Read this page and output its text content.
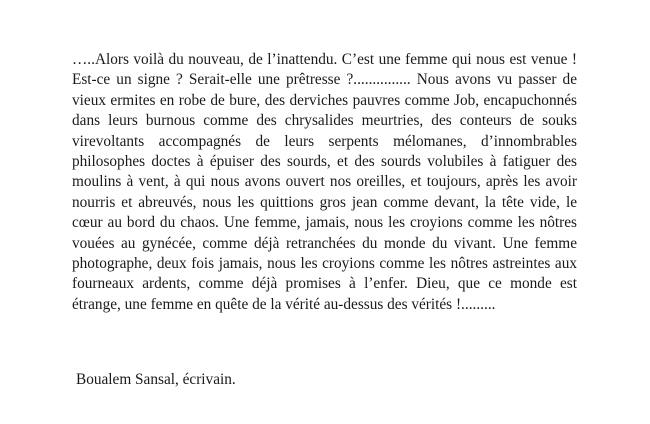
…..Alors voilà du nouveau, de l’inattendu. C’est une femme qui nous est venue ! Est-ce un signe ? Serait-elle une prêtresse ?............... Nous avons vu passer de vieux ermites en robe de bure, des derviches pauvres comme Job, encapuchonnés dans leurs burnous comme des chrysalides meurtries, des conteurs de souks virevoltants accompagnés de leurs serpents mélomanes, d’innombrables philosophes doctes à épuiser des sourds, et des sourds volubiles à fatiguer des moulins à vent, à qui nous avons ouvert nos oreilles, et toujours, après les avoir nourris et abreuvés, nous les quittions gros jean comme devant, la tête vide, le cœur au bord du chaos. Une femme, jamais, nous les croyions comme les nôtres vouées au gynécée, comme déjà retranchées du monde du vivant. Une femme photographe, deux fois jamais, nous les croyions comme les nôtres astreintes aux fourneaux ardents, comme déjà promises à l’enfer. Dieu, que ce monde est étrange, une femme en quête de la vérité au-dessus des vérités !.........

Boualem Sansal, écrivain.
